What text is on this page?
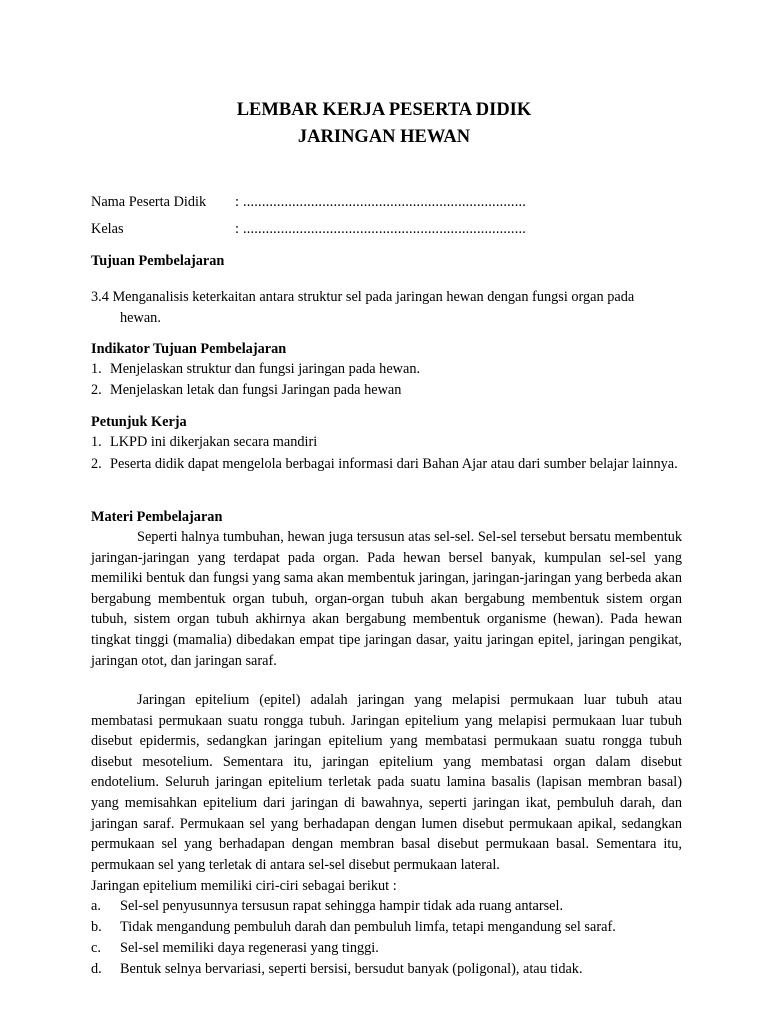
LEMBAR KERJA PESERTA DIDIK
JARINGAN HEWAN
Nama Peserta Didik : ...........................................................................
Kelas	: ...........................................................................
Tujuan Pembelajaran
3.4 Menganalisis keterkaitan antara struktur sel pada jaringan hewan dengan fungsi organ pada
hewan.
Indikator Tujuan Pembelajaran
1. Menjelaskan struktur dan fungsi jaringan pada hewan.
2. Menjelaskan letak dan fungsi Jaringan pada hewan
Petunjuk Kerja
1. LKPD ini dikerjakan secara mandiri
2. Peserta didik dapat mengelola berbagai informasi dari Bahan Ajar atau dari sumber belajar lainnya.
Materi Pembelajaran
Seperti halnya tumbuhan, hewan juga tersusun atas sel-sel. Sel-sel tersebut bersatu membentuk jaringan-jaringan yang terdapat pada organ. Pada hewan bersel banyak, kumpulan sel-sel yang memiliki bentuk dan fungsi yang sama akan membentuk jaringan, jaringan-jaringan yang berbeda akan bergabung membentuk organ tubuh, organ-organ tubuh akan bergabung membentuk sistem organ tubuh, sistem organ tubuh akhirnya akan bergabung membentuk organisme (hewan). Pada hewan tingkat tinggi (mamalia) dibedakan empat tipe jaringan dasar, yaitu jaringan epitel, jaringan pengikat, jaringan otot, dan jaringan saraf.
Jaringan epitelium (epitel) adalah jaringan yang melapisi permukaan luar tubuh atau membatasi permukaan suatu rongga tubuh. Jaringan epitelium yang melapisi permukaan luar tubuh disebut epidermis, sedangkan jaringan epitelium yang membatasi permukaan suatu rongga tubuh disebut mesotelium. Sementara itu, jaringan epitelium yang membatasi organ dalam disebut endotelium. Seluruh jaringan epitelium terletak pada suatu lamina basalis (lapisan membran basal) yang memisahkan epitelium dari jaringan di bawahnya, seperti jaringan ikat, pembuluh darah, dan jaringan saraf. Permukaan sel yang berhadapan dengan lumen disebut permukaan apikal, sedangkan permukaan sel yang berhadapan dengan membran basal disebut permukaan basal. Sementara itu, permukaan sel yang terletak di antara sel-sel disebut permukaan lateral.
Jaringan epitelium memiliki ciri-ciri sebagai berikut :
a. Sel-sel penyusunnya tersusun rapat sehingga hampir tidak ada ruang antarsel.
b. Tidak mengandung pembuluh darah dan pembuluh limfa, tetapi mengandung sel saraf.
c. Sel-sel memiliki daya regenerasi yang tinggi.
d. Bentuk selnya bervariasi, seperti bersisi, bersudut banyak (poligonal), atau tidak.
